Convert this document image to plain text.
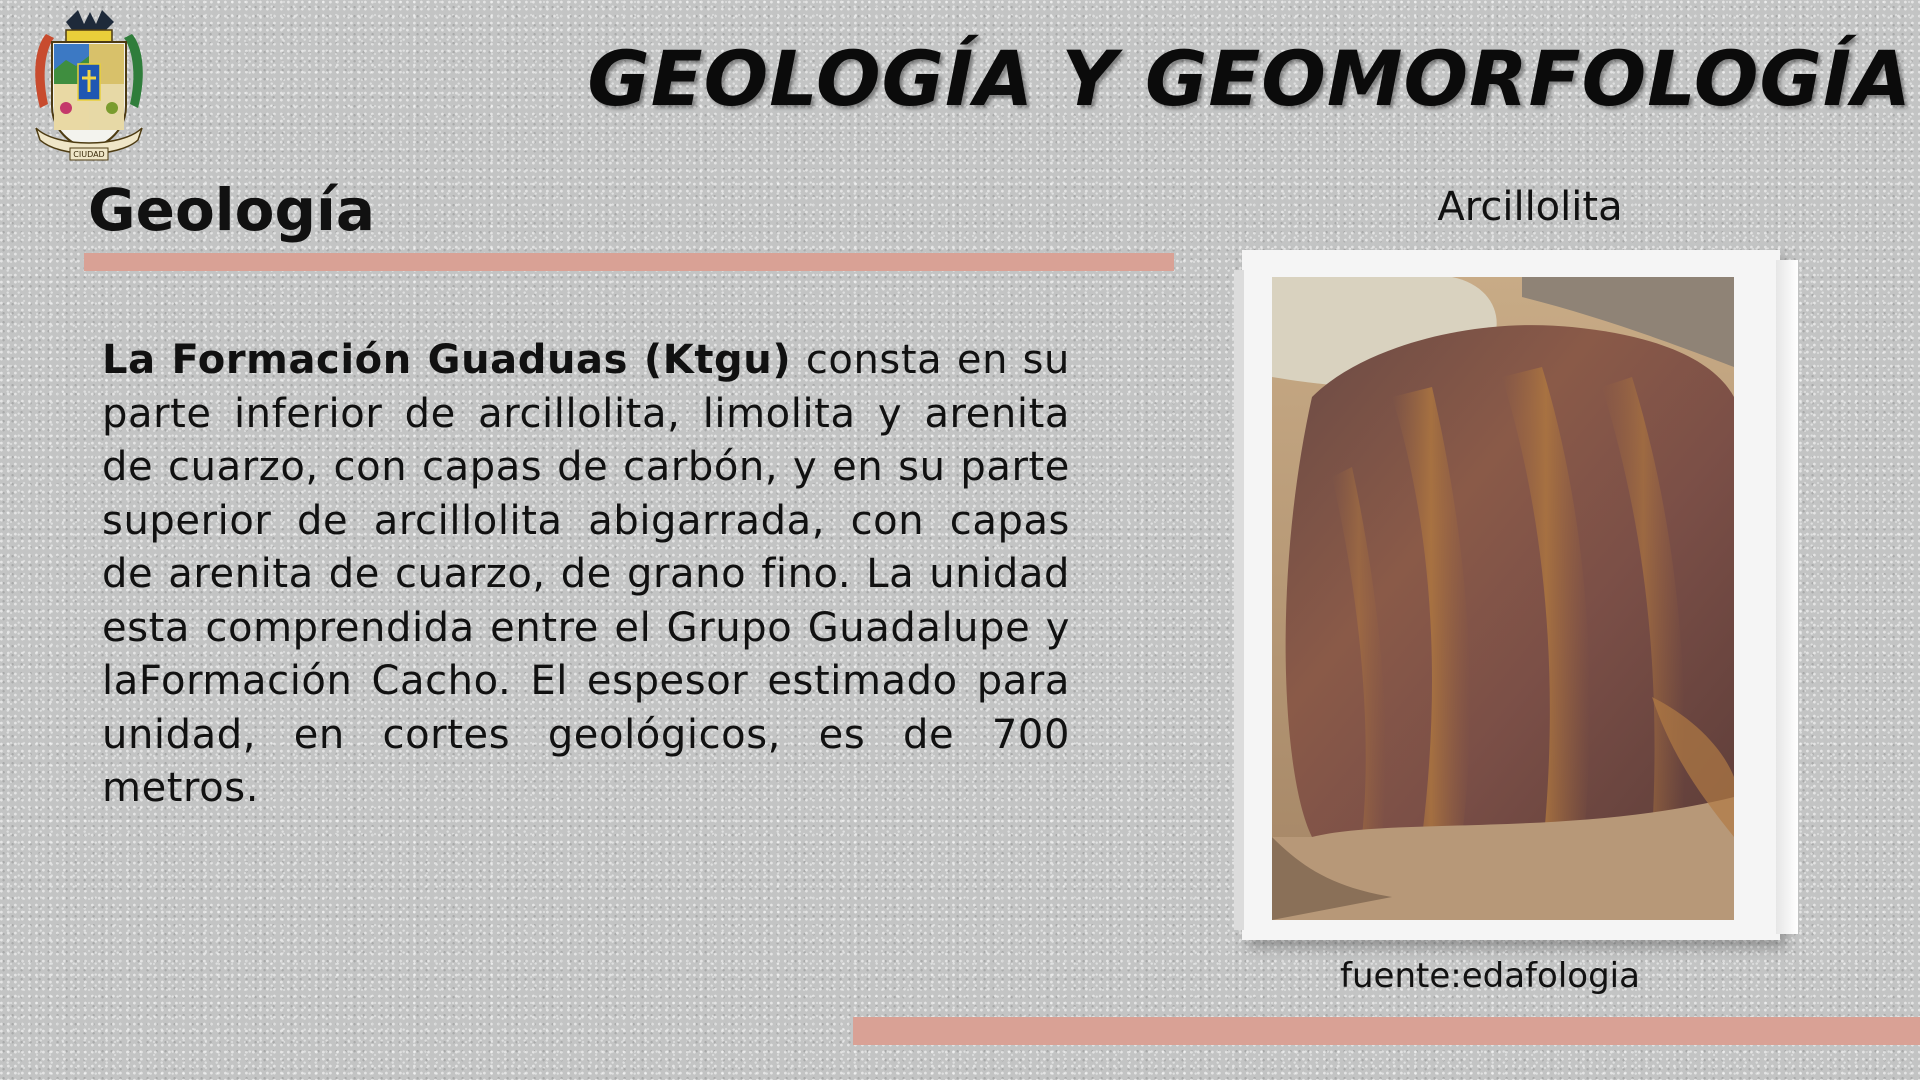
CIUDAD
GEOLOGÍA Y GEOMORFOLOGÍA
Geología

La Formación Guaduas (Ktgu) consta en su parte inferior de arcillolita, limolita y arenita de cuarzo, con capas de carbón, y en su parte superior de arcillolita abigarrada, con capas de arenita de cuarzo, de grano fino. La unidad esta comprendida entre el Grupo Guadalupe y laFormación Cacho. El espesor estimado para unidad, en cortes geológicos, es de 700 metros.

Arcillolita

fuente:edafologia
